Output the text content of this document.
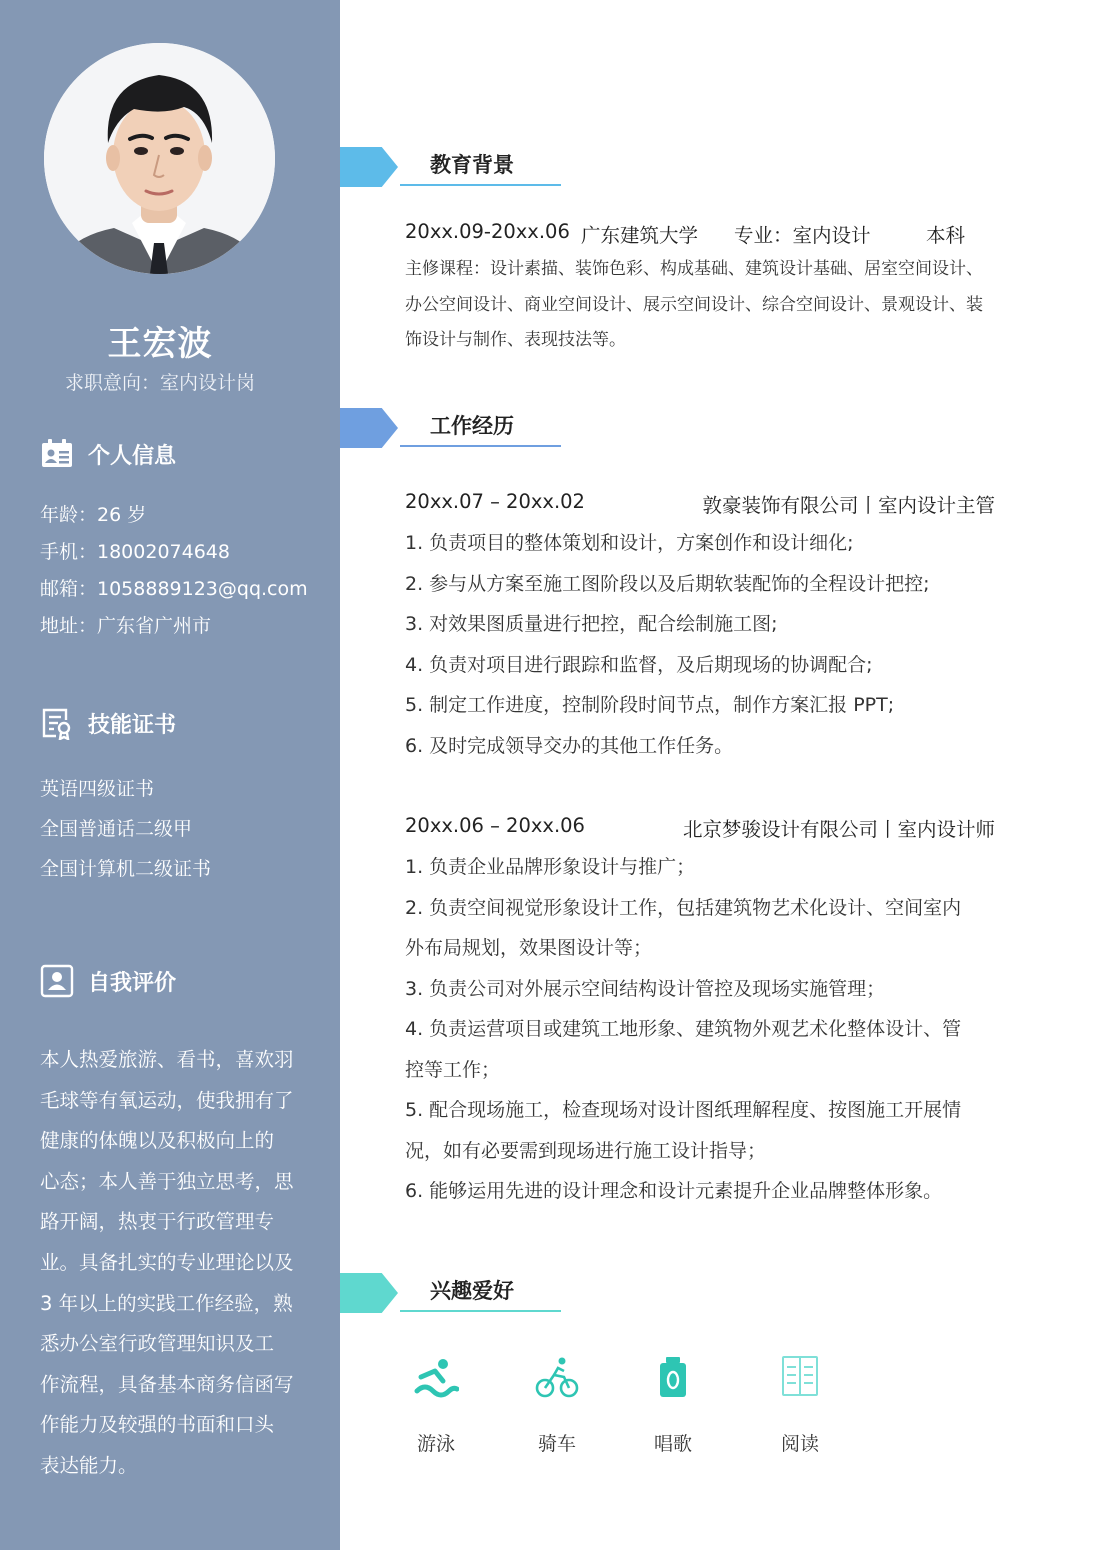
王宏波
求职意向：室内设计岗
个人信息
年龄：26 岁
手机：18002074648
邮箱：1058889123@qq.com
地址：广东省广州市
技能证书
英语四级证书
全国普通话二级甲
全国计算机二级证书
自我评价
本人热爱旅游、看书，喜欢羽
毛球等有氧运动，使我拥有了
健康的体魄以及积极向上的
心态；本人善于独立思考，思
路开阔，热衷于行政管理专
业。具备扎实的专业理论以及
3 年以上的实践工作经验，熟
悉办公室行政管理知识及工
作流程，具备基本商务信函写
作能力及较强的书面和口头
表达能力。
教育背景
20xx.09-20xx.06 广东建筑大学 专业：室内设计	本科
主修课程：设计素描、装饰色彩、构成基础、建筑设计基础、居室空间设计、
办公空间设计、商业空间设计、展示空间设计、综合空间设计、景观设计、装
饰设计与制作、表现技法等。
工作经历
20xx.07 – 20xx.02	敦豪装饰有限公司丨室内设计主管
1. 负责项目的整体策划和设计，方案创作和设计细化;
2. 参与从方案至施工图阶段以及后期软装配饰的全程设计把控;
3. 对效果图质量进行把控，配合绘制施工图;
4. 负责对项目进行跟踪和监督，及后期现场的协调配合;
5. 制定工作进度，控制阶段时间节点，制作方案汇报 PPT;
6. 及时完成领导交办的其他工作任务。
20xx.06 – 20xx.06	北京梦骏设计有限公司丨室内设计师
1. 负责企业品牌形象设计与推广；
2. 负责空间视觉形象设计工作，包括建筑物艺术化设计、空间室内
外布局规划，效果图设计等；
3. 负责公司对外展示空间结构设计管控及现场实施管理；
4. 负责运营项目或建筑工地形象、建筑物外观艺术化整体设计、管
控等工作；
5. 配合现场施工，检查现场对设计图纸理解程度、按图施工开展情
况，如有必要需到现场进行施工设计指导；
6. 能够运用先进的设计理念和设计元素提升企业品牌整体形象。
兴趣爱好
游泳	骑车	唱歌	阅读
